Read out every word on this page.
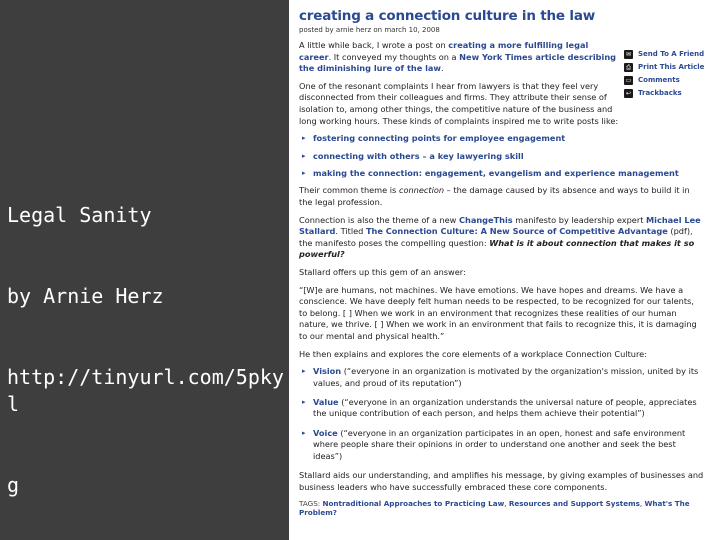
Legal Sanity

by Arnie Herz

http://tinyurl.com/5pkyl

g

creating a connection culture in the law
posted by arnie herz on march 10, 2008
A little while back, I wrote a post on creating a more fulfilling legal career. It conveyed my thoughts on a New York Times article describing the diminishing lure of the law.
One of the resonant complaints I hear from lawyers is that they feel very disconnected from their colleagues and firms. They attribute their sense of isolation to, among other things, the competitive nature of the business and long working hours. These kinds of complaints inspired me to write posts like:
▸ fostering connecting points for employee engagement
▸ connecting with others – a key lawyering skill
▸ making the connection: engagement, evangelism and experience management
Their common theme is connection – the damage caused by its absence and ways to build it in the legal profession.
Connection is also the theme of a new ChangeThis manifesto by leadership expert Michael Lee Stallard. Titled The Connection Culture: A New Source of Competitive Advantage (pdf), the manifesto poses the compelling question: What is it about connection that makes it so powerful?
Stallard offers up this gem of an answer:
“[W]e are humans, not machines. We have emotions. We have hopes and dreams. We have a conscience. We have deeply felt human needs to be respected, to be recognized for our talents, to belong. [ ] When we work in an environment that recognizes these realities of our human nature, we thrive. [ ] When we work in an environment that fails to recognize this, it is damaging to our mental and physical health.”
He then explains and explores the core elements of a workplace Connection Culture:
▸ Vision (“everyone in an organization is motivated by the organization's mission, united by its values, and proud of its reputation”)
▸ Value (“everyone in an organization understands the universal nature of people, appreciates the unique contribution of each person, and helps them achieve their potential”)
▸ Voice (“everyone in an organization participates in an open, honest and safe environment where people share their opinions in order to understand one another and seek the best ideas”)
Stallard aids our understanding, and amplifies his message, by giving examples of businesses and business leaders who have successfully embraced these core components.
TAGS: Nontraditional Approaches to Practicing Law, Resources and Support Systems, What's The Problem?
✉ Send To A Friend
⎙ Print This Article
▭ Comments
↩ Trackbacks
